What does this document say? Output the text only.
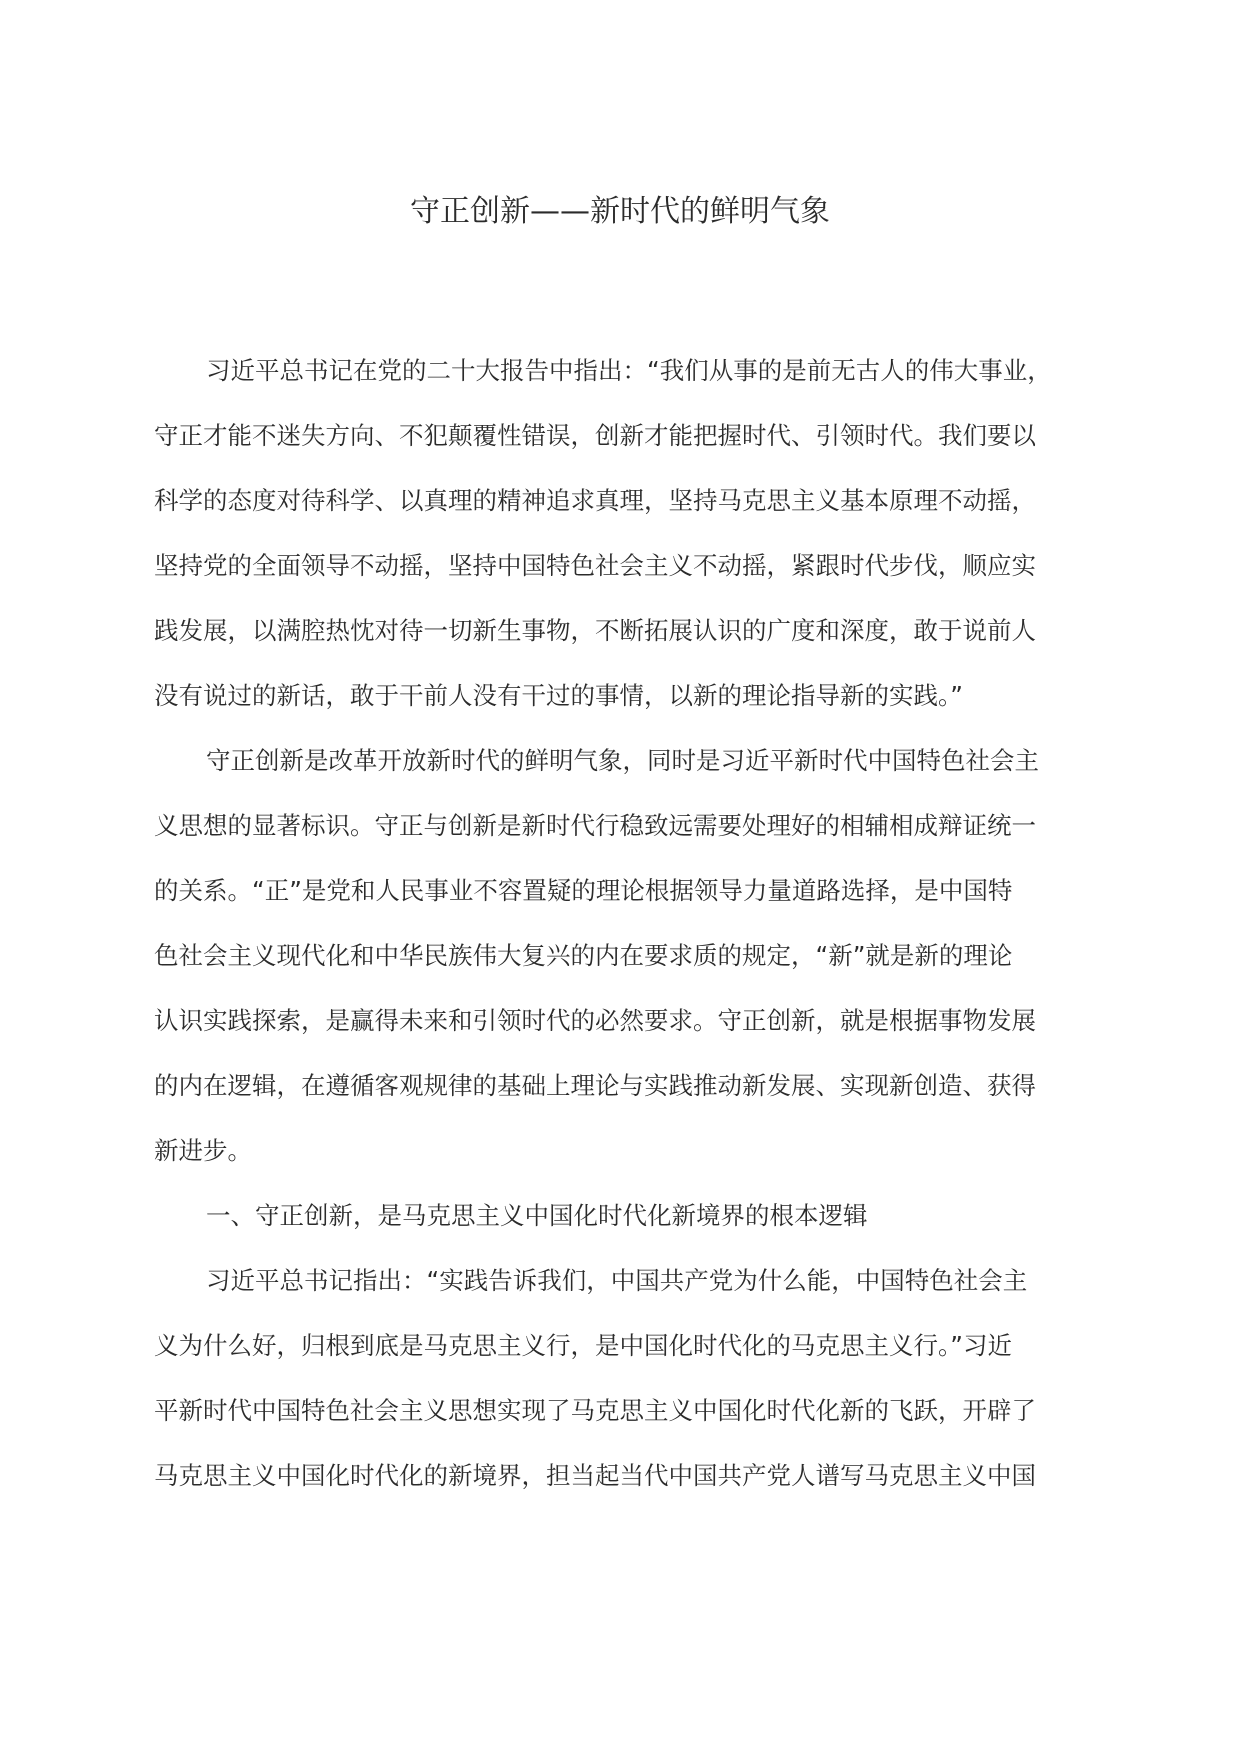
守正创新——新时代的鲜明气象
习近平总书记在党的二十大报告中指出：“我们从事的是前无古人的伟大事业，
守正才能不迷失方向、不犯颠覆性错误，创新才能把握时代、引领时代。我们要以
科学的态度对待科学、以真理的精神追求真理，坚持马克思主义基本原理不动摇，
坚持党的全面领导不动摇，坚持中国特色社会主义不动摇，紧跟时代步伐，顺应实
践发展，以满腔热忱对待一切新生事物，不断拓展认识的广度和深度，敢于说前人
没有说过的新话，敢于干前人没有干过的事情，以新的理论指导新的实践。”
守正创新是改革开放新时代的鲜明气象，同时是习近平新时代中国特色社会主
义思想的显著标识。守正与创新是新时代行稳致远需要处理好的相辅相成辩证统一
的关系。“正”是党和人民事业不容置疑的理论根据领导力量道路选择，是中国特
色社会主义现代化和中华民族伟大复兴的内在要求质的规定，“新”就是新的理论
认识实践探索，是赢得未来和引领时代的必然要求。守正创新，就是根据事物发展
的内在逻辑，在遵循客观规律的基础上理论与实践推动新发展、实现新创造、获得
新进步。
一、守正创新，是马克思主义中国化时代化新境界的根本逻辑
习近平总书记指出：“实践告诉我们，中国共产党为什么能，中国特色社会主
义为什么好，归根到底是马克思主义行，是中国化时代化的马克思主义行。”习近
平新时代中国特色社会主义思想实现了马克思主义中国化时代化新的飞跃，开辟了
马克思主义中国化时代化的新境界，担当起当代中国共产党人谱写马克思主义中国
